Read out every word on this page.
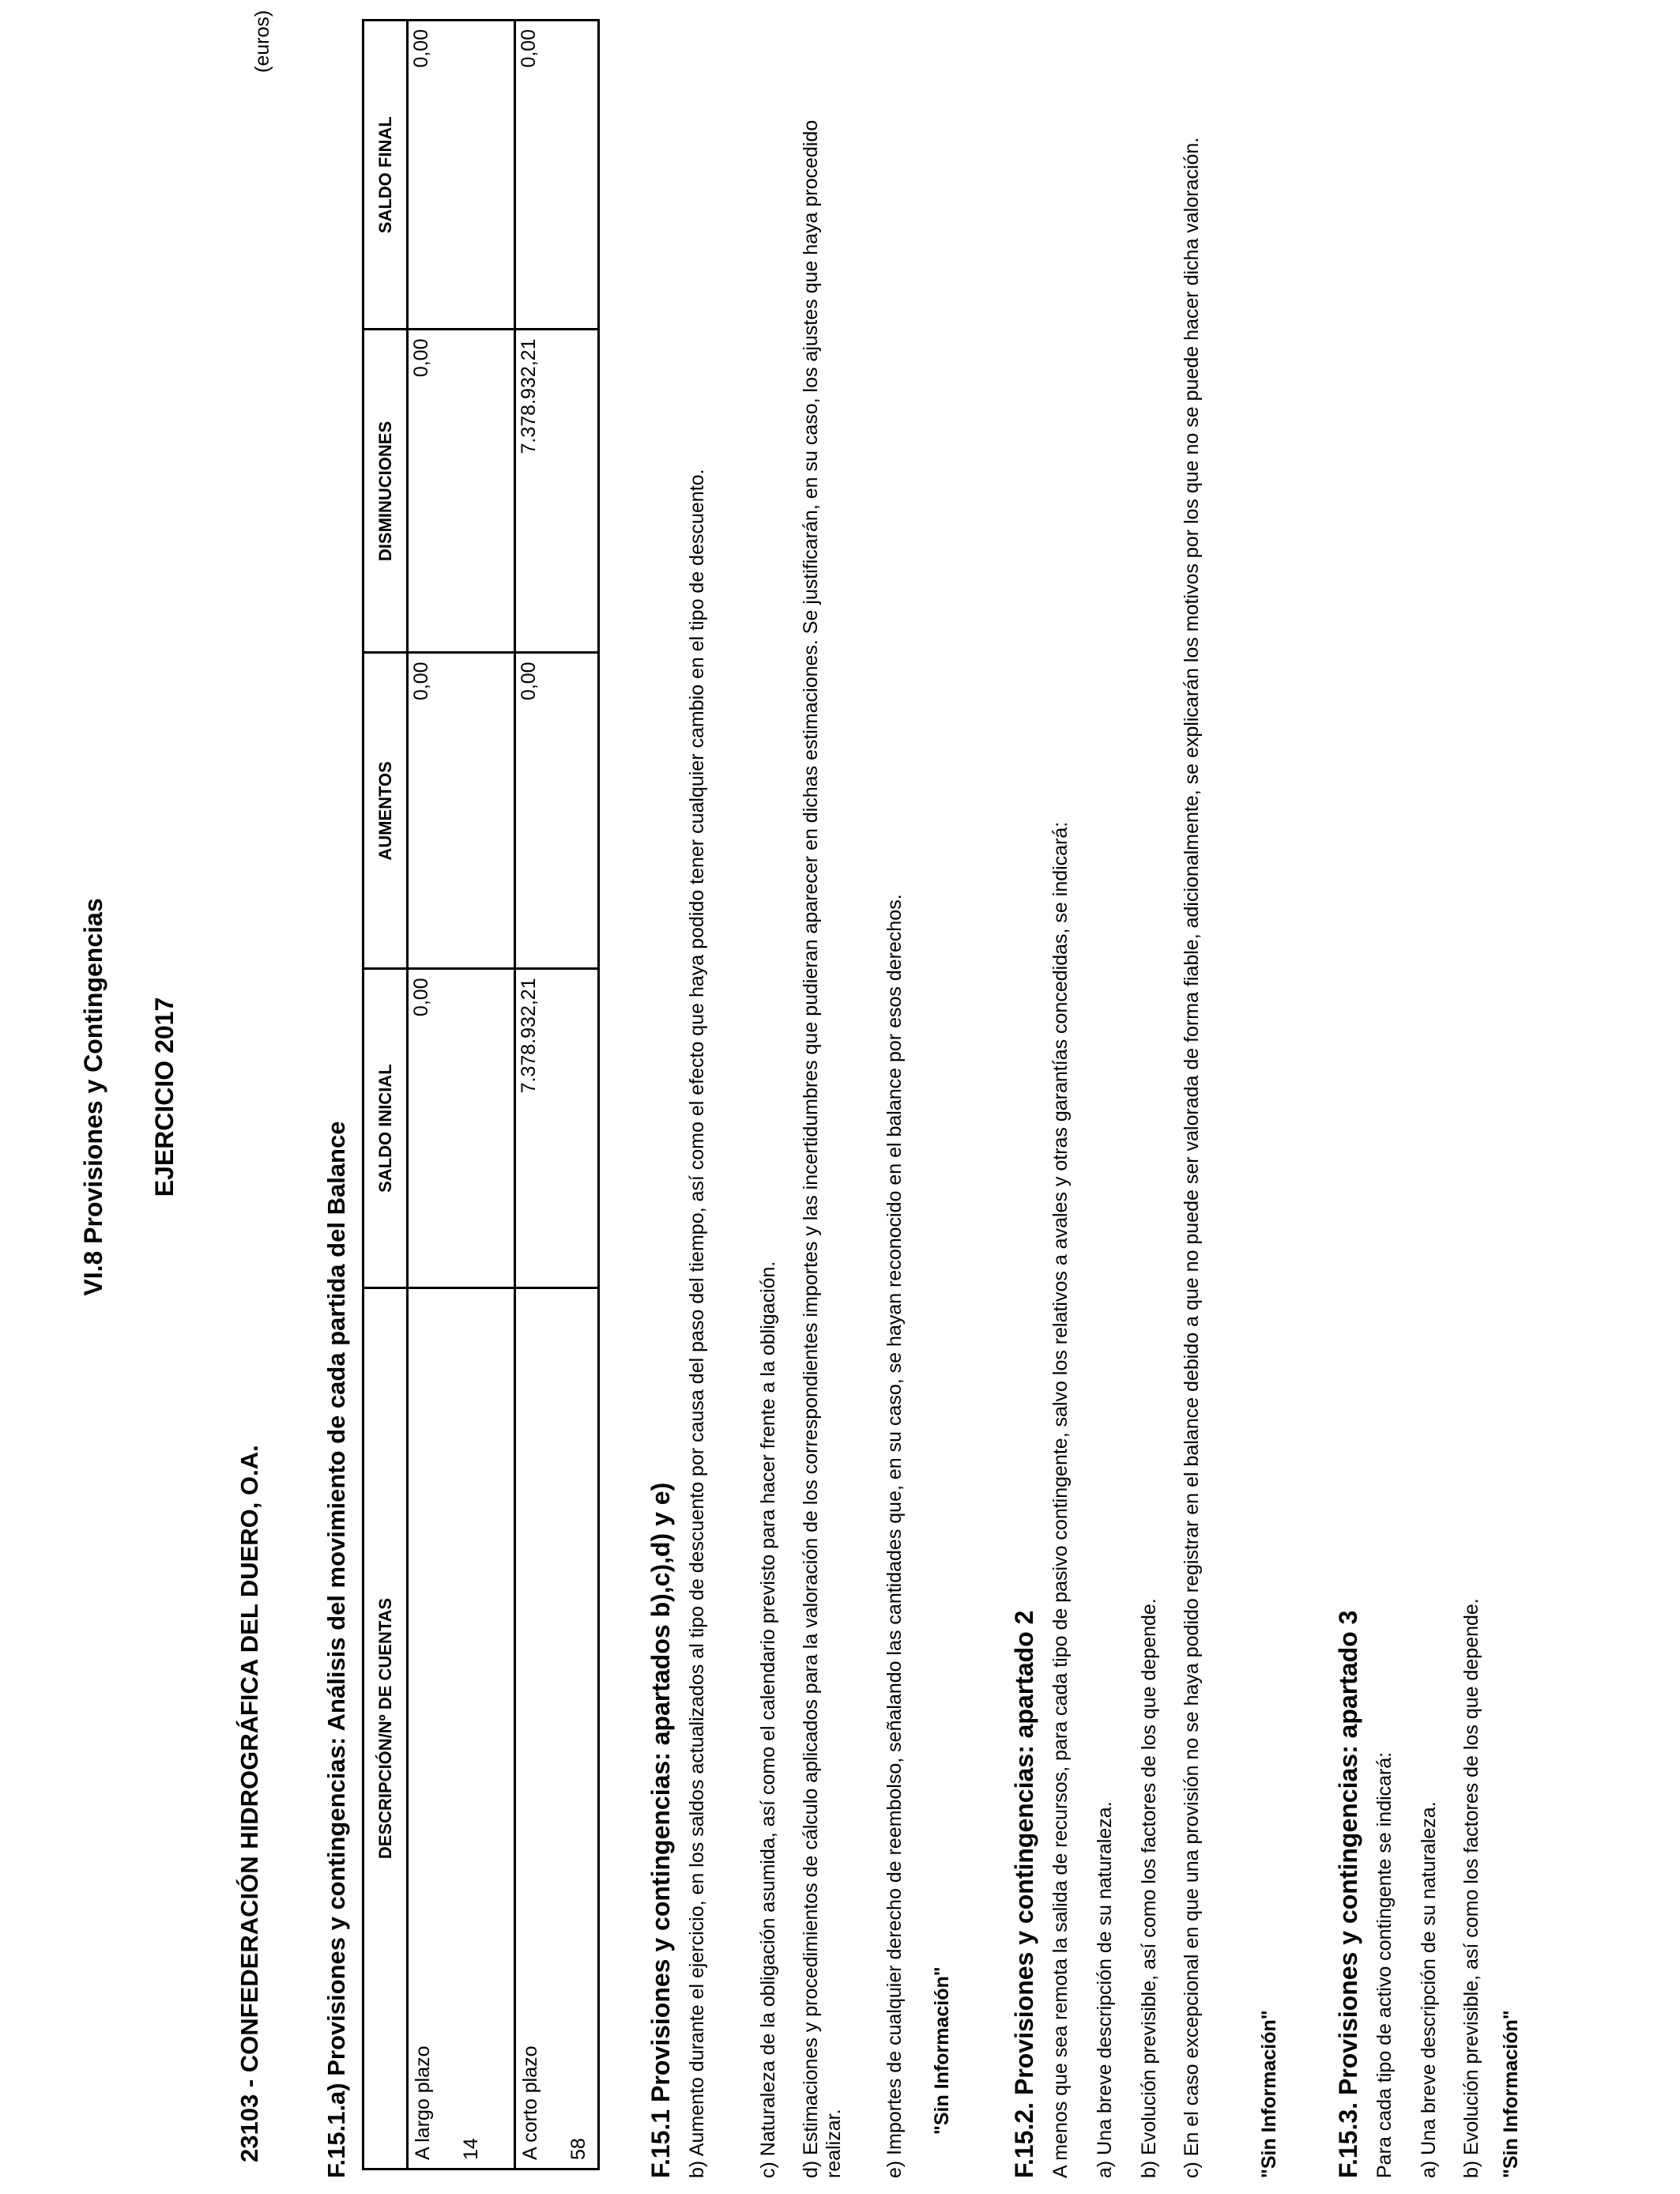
VI.8 Provisiones y Contingencias EJERCICIO 2017
23103 - CONFEDERACIÓN HIDROGRÁFICA DEL DUERO, O.A.
(euros)
F.15.1.a) Provisiones y contingencias: Análisis del movimiento de cada partida del Balance DESCRIPCIÓN/Nº DE CUENTAS	SALDO INICIAL	AUMENTOS	DISMINUCIONES	SALDO FINAL
A largo plazo 14	0,00	0,00	0,00	0,00
A corto plazo 58	7.378.932,21	0,00	7.378.932,21	0,00
F.15.1 Provisiones y contingencias: apartados b),c),d) y e) b) Aumento durante el ejercicio, en los saldos actualizados al tipo de descuento por causa del paso del tiempo, así como el efecto que haya podido tener cualquier cambio en el tipo de descuento. c) Naturaleza de la obligación asumida, así como el calendario previsto para hacer frente a la obligación. d) Estimaciones y procedimientos de cálculo aplicados para la valoración de los correspondientes importes y las incertidumbres que pudieran aparecer en dichas estimaciones. Se justificarán, en su caso, los ajustes que haya procedido realizar. e) Importes de cualquier derecho de reembolso, señalando las cantidades que, en su caso, se hayan reconocido en el balance por esos derechos. "Sin Información" F.15.2. Provisiones y contingencias: apartado 2 A menos que sea remota la salida de recursos, para cada tipo de pasivo contingente, salvo los relativos a avales y otras garantías concedidas, se indicará: a) Una breve descripción de su naturaleza. b) Evolución previsible, así como los factores de los que depende. c) En el caso excepcional en que una provisión no se haya podido registrar en el balance debido a que no puede ser valorada de forma fiable, adicionalmente, se explicarán los motivos por los que no se puede hacer dicha valoración.	"Sin Información" F.15.3. Provisiones y contingencias: apartado 3 Para cada tipo de activo contingente se indicará: a) Una breve descripción de su naturaleza. b) Evolución previsible, así como los factores de los que depende. "Sin Información"
